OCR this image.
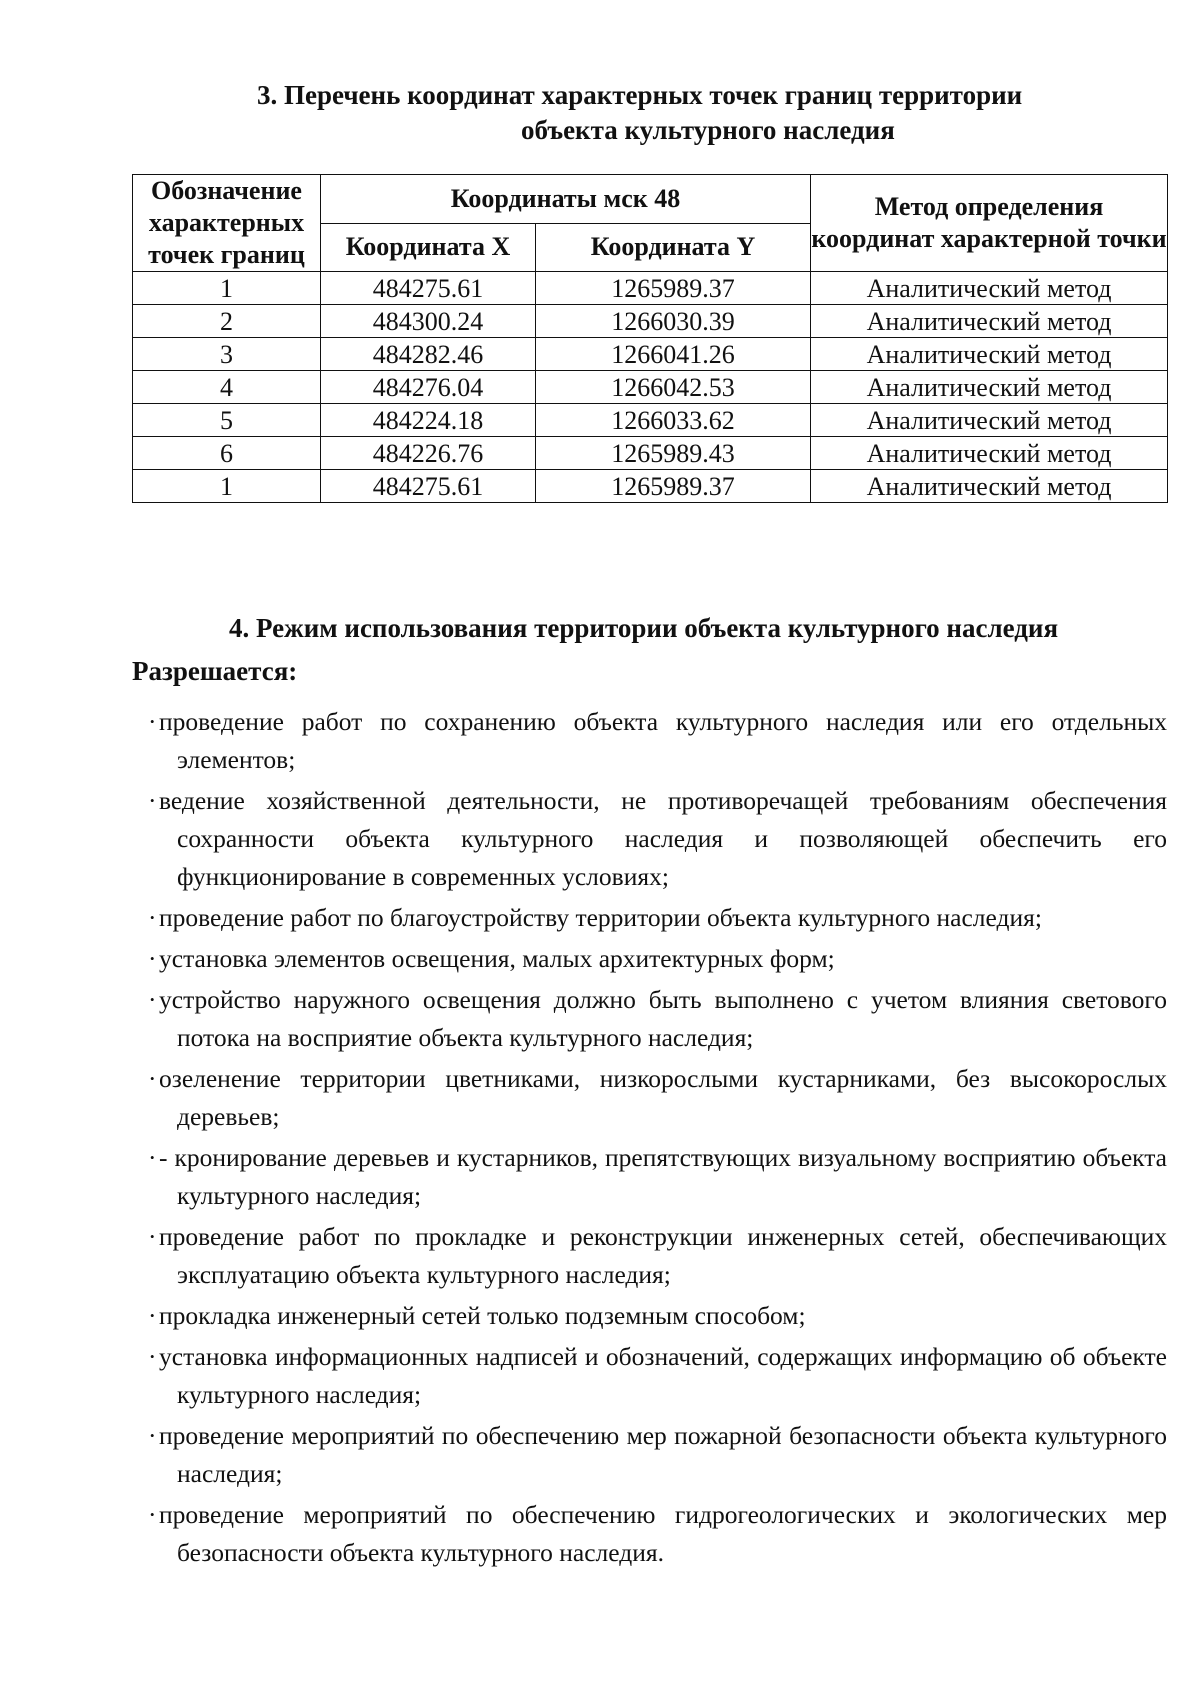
3. Перечень координат характерных точек границ территории
объекта культурного наследия
Обозначение характерных точек границ	Координаты мск 48		Метод определения координат характерной точки
	Координата X	Координата Y	
1	484275.61	1265989.37	Аналитический метод
2	484300.24	1266030.39	Аналитический метод
3	484282.46	1266041.26	Аналитический метод
4	484276.04	1266042.53	Аналитический метод
5	484224.18	1266033.62	Аналитический метод
6	484226.76	1265989.43	Аналитический метод
1	484275.61	1265989.37	Аналитический метод
4. Режим использования территории объекта культурного наследия
Разрешается:
·проведение работ по сохранению объекта культурного наследия или его отдельных элементов;
·ведение хозяйственной деятельности, не противоречащей требованиям обеспечения сохранности объекта культурного наследия и позволяющей обеспечить его функционирование в современных условиях;
·проведение работ по благоустройству территории объекта культурного наследия;
·установка элементов освещения, малых архитектурных форм;
·устройство наружного освещения должно быть выполнено с учетом влияния светового потока на восприятие объекта культурного наследия;
·озеленение территории цветниками, низкорослыми кустарниками, без высокорослых деревьев;
·- кронирование деревьев и кустарников, препятствующих визуальному восприятию объекта культурного наследия;
·проведение работ по прокладке и реконструкции инженерных сетей, обеспечивающих эксплуатацию объекта культурного наследия;
·прокладка инженерный сетей только подземным способом;
·установка информационных надписей и обозначений, содержащих информацию об объекте культурного наследия;
·проведение мероприятий по обеспечению мер пожарной безопасности объекта культурного наследия;
·проведение мероприятий по обеспечению гидрогеологических и экологических мер безопасности объекта культурного наследия.
